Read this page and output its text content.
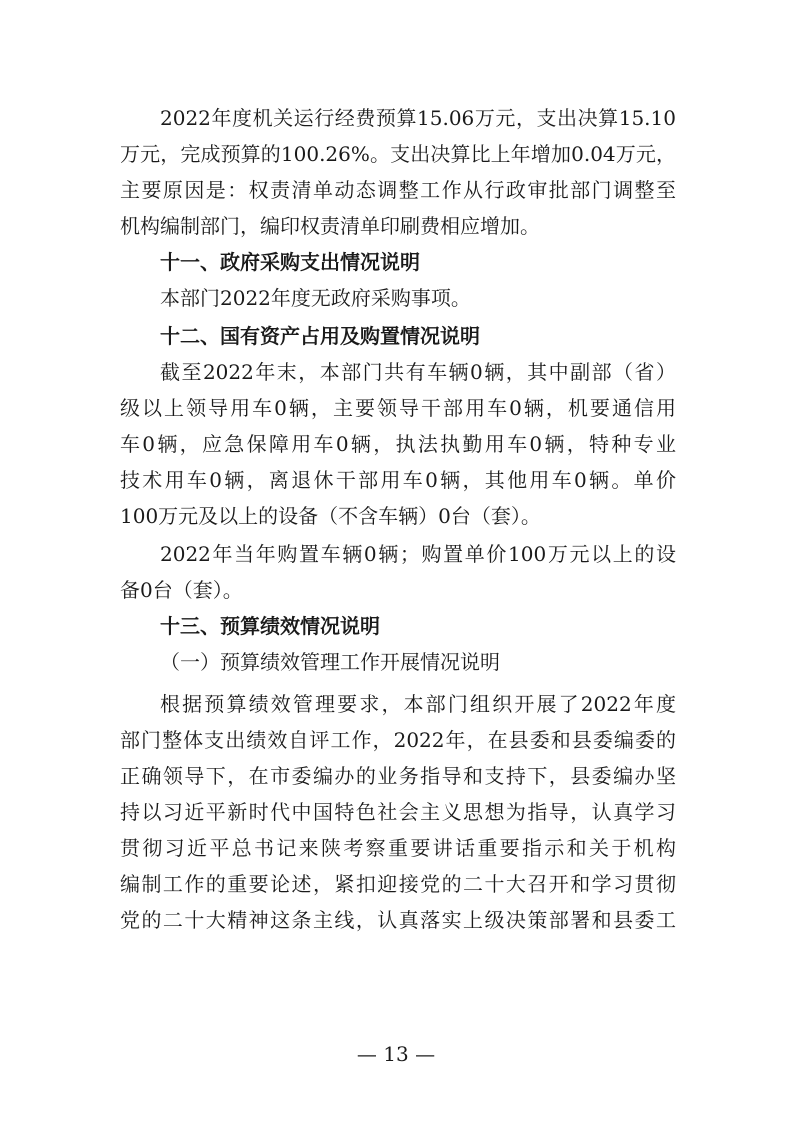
2022年度机关运行经费预算15.06万元，支出决算15.10
万元，完成预算的100.26%。支出决算比上年增加0.04万元，
主要原因是：权责清单动态调整工作从行政审批部门调整至
机构编制部门，编印权责清单印刷费相应增加。
十一、政府采购支出情况说明
本部门2022年度无政府采购事项。
十二、国有资产占用及购置情况说明
截至2022年末，本部门共有车辆0辆，其中副部（省）
级以上领导用车0辆，主要领导干部用车0辆，机要通信用
车0辆，应急保障用车0辆，执法执勤用车0辆，特种专业
技术用车0辆，离退休干部用车0辆，其他用车0辆。单价
100万元及以上的设备（不含车辆）0台（套）。
2022年当年购置车辆0辆；购置单价100万元以上的设
备0台（套）。
十三、预算绩效情况说明
（一）预算绩效管理工作开展情况说明
根据预算绩效管理要求，本部门组织开展了2022年度
部门整体支出绩效自评工作，2022年，在县委和县委编委的
正确领导下，在市委编办的业务指导和支持下，县委编办坚
持以习近平新时代中国特色社会主义思想为指导，认真学习
贯彻习近平总书记来陕考察重要讲话重要指示和关于机构
编制工作的重要论述，紧扣迎接党的二十大召开和学习贯彻
党的二十大精神这条主线，认真落实上级决策部署和县委工
— 13 —
